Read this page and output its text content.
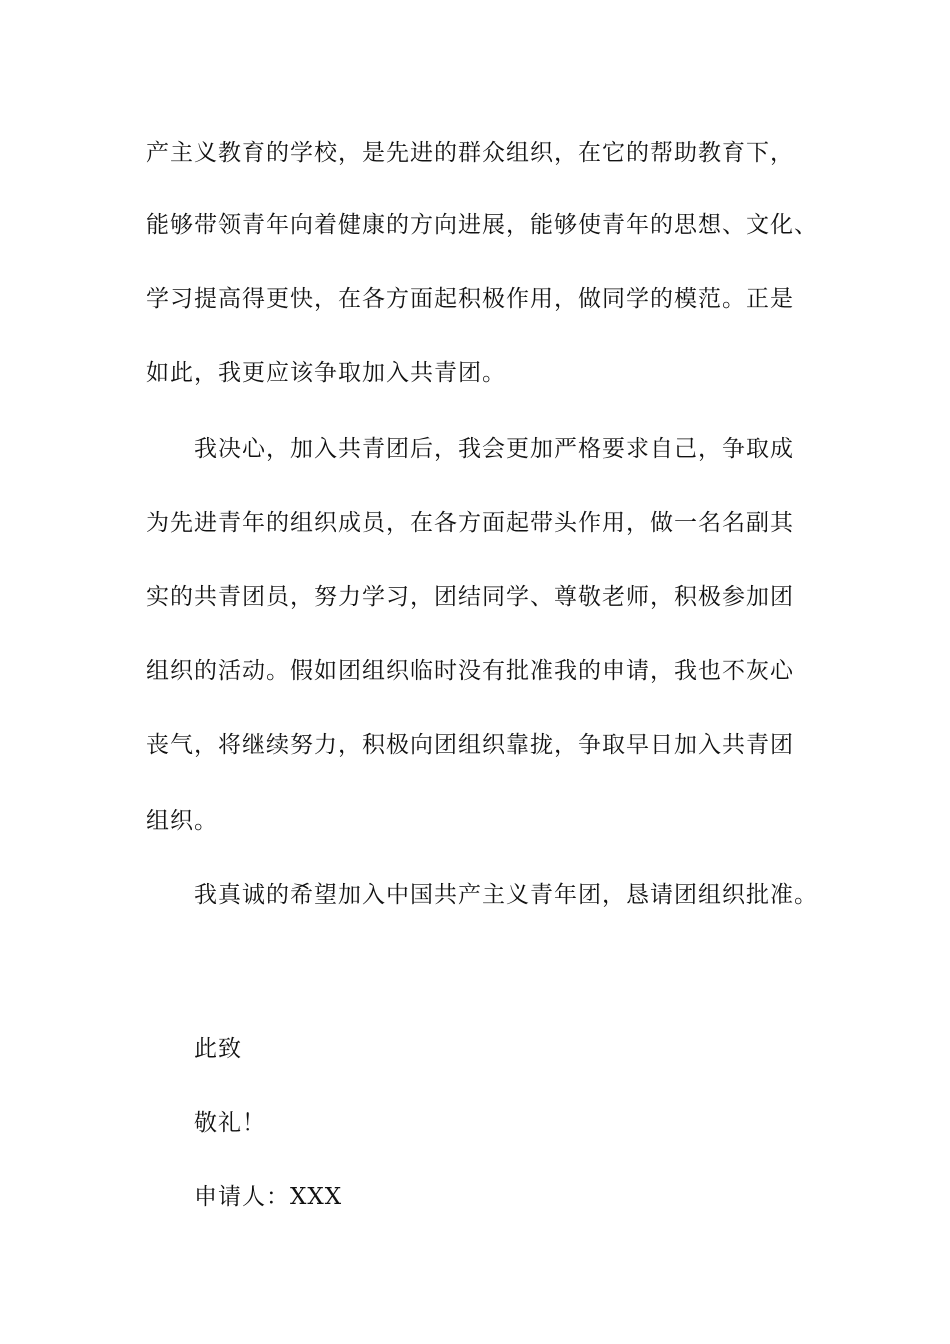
产主义教育的学校，是先进的群众组织，在它的帮助教育下，
能够带领青年向着健康的方向进展，能够使青年的思想、文化、
学习提高得更快，在各方面起积极作用，做同学的模范。正是
如此，我更应该争取加入共青团。
我决心，加入共青团后，我会更加严格要求自己，争取成
为先进青年的组织成员，在各方面起带头作用，做一名名副其
实的共青团员，努力学习，团结同学、尊敬老师，积极参加团
组织的活动。假如团组织临时没有批准我的申请，我也不灰心
丧气，将继续努力，积极向团组织靠拢，争取早日加入共青团
组织。
我真诚的希望加入中国共产主义青年团，恳请团组织批准。
此致
敬礼！
申请人：XXX
